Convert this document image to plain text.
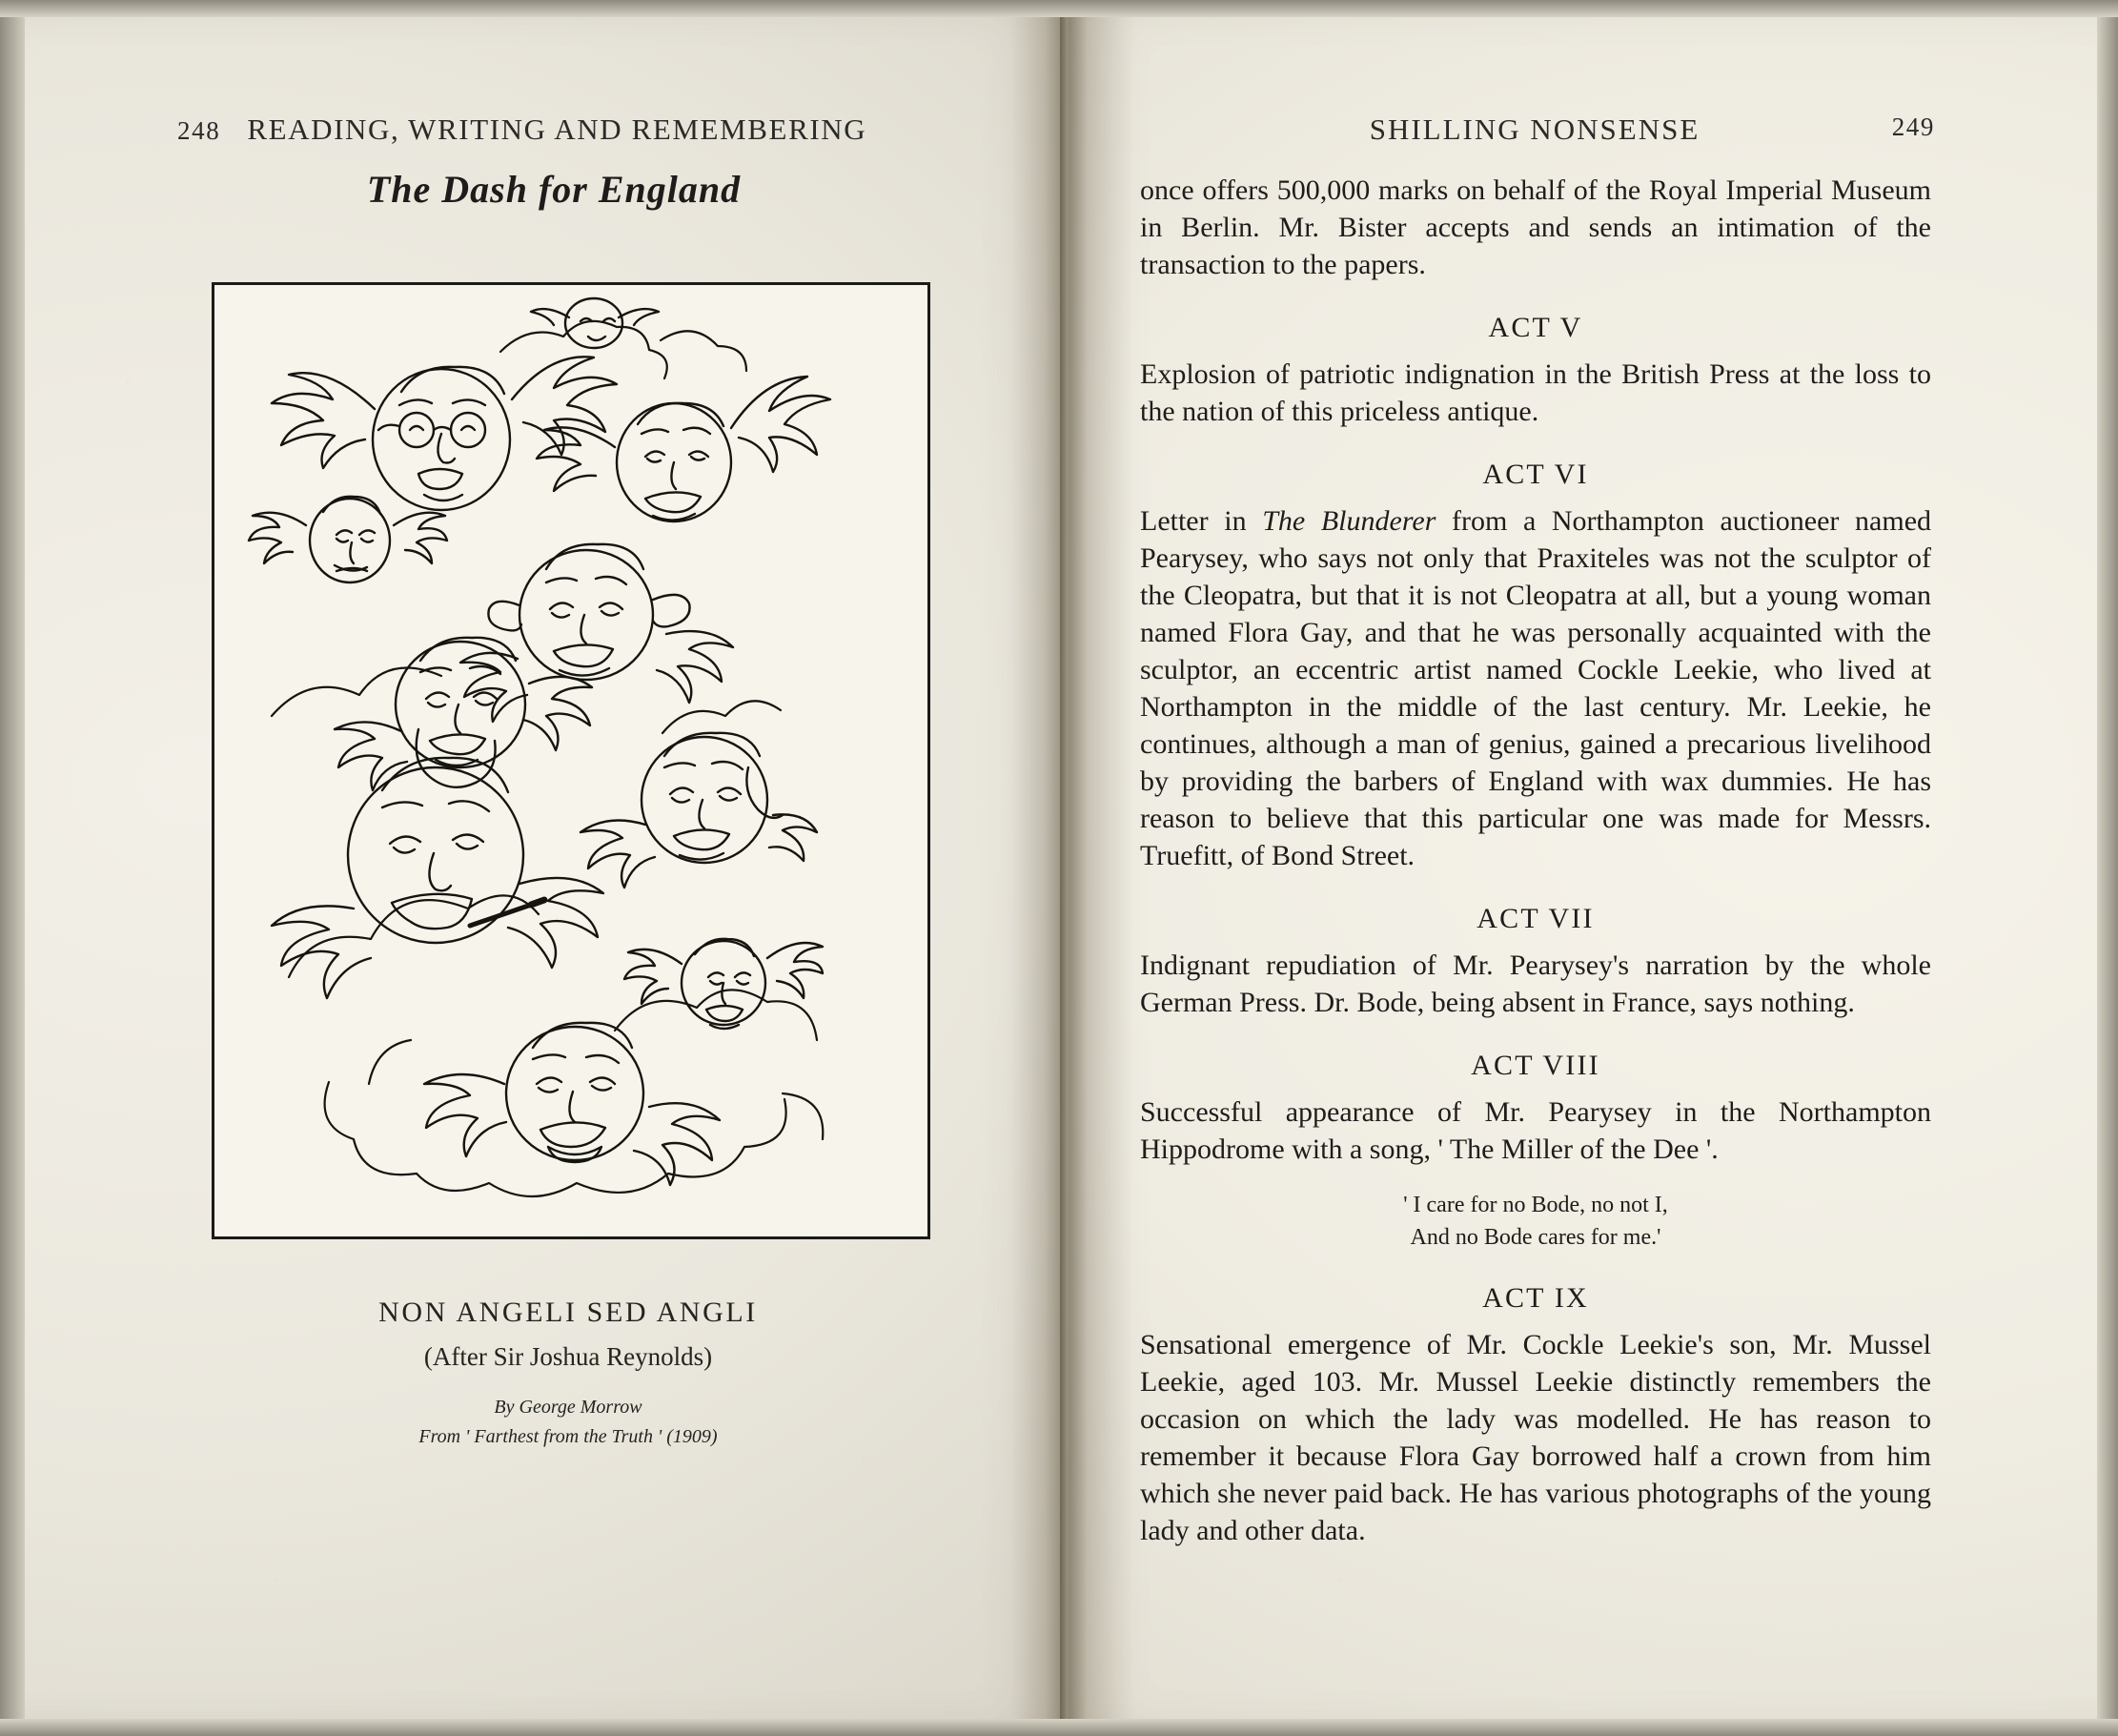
248 READING, WRITING AND REMEMBERING
The Dash for England
NON ANGELI SED ANGLI
(After Sir Joshua Reynolds)
By George Morrow
From ' Farthest from the Truth ' (1909)
SHILLING NONSENSE	249

once offers 500,000 marks on behalf of the Royal Imperial Museum in Berlin. Mr. Bister accepts and sends an intimation of the transaction to the papers.

ACT V

Explosion of patriotic indignation in the British Press at the loss to the nation of this priceless antique.

ACT VI

Letter in The Blunderer from a Northampton auctioneer named Pearysey, who says not only that Praxiteles was not the sculptor of the Cleopatra, but that it is not Cleopatra at all, but a young woman named Flora Gay, and that he was personally acquainted with the sculptor, an eccentric artist named Cockle Leekie, who lived at Northampton in the middle of the last century. Mr. Leekie, he continues, although a man of genius, gained a precarious livelihood by providing the barbers of England with wax dummies. He has reason to believe that this particular one was made for Messrs. Truefitt, of Bond Street.

ACT VII

Indignant repudiation of Mr. Pearysey's narration by the whole German Press. Dr. Bode, being absent in France, says nothing.

ACT VIII

Successful appearance of Mr. Pearysey in the Northampton Hippodrome with a song, ' The Miller of the Dee '.

' I care for no Bode, no not I,
And no Bode cares for me.'
ACT IX

Sensational emergence of Mr. Cockle Leekie's son, Mr. Mussel Leekie, aged 103. Mr. Mussel Leekie distinctly remembers the occasion on which the lady was modelled. He has reason to remember it because Flora Gay borrowed half a crown from him which she never paid back. He has various photographs of the young lady and other data.
